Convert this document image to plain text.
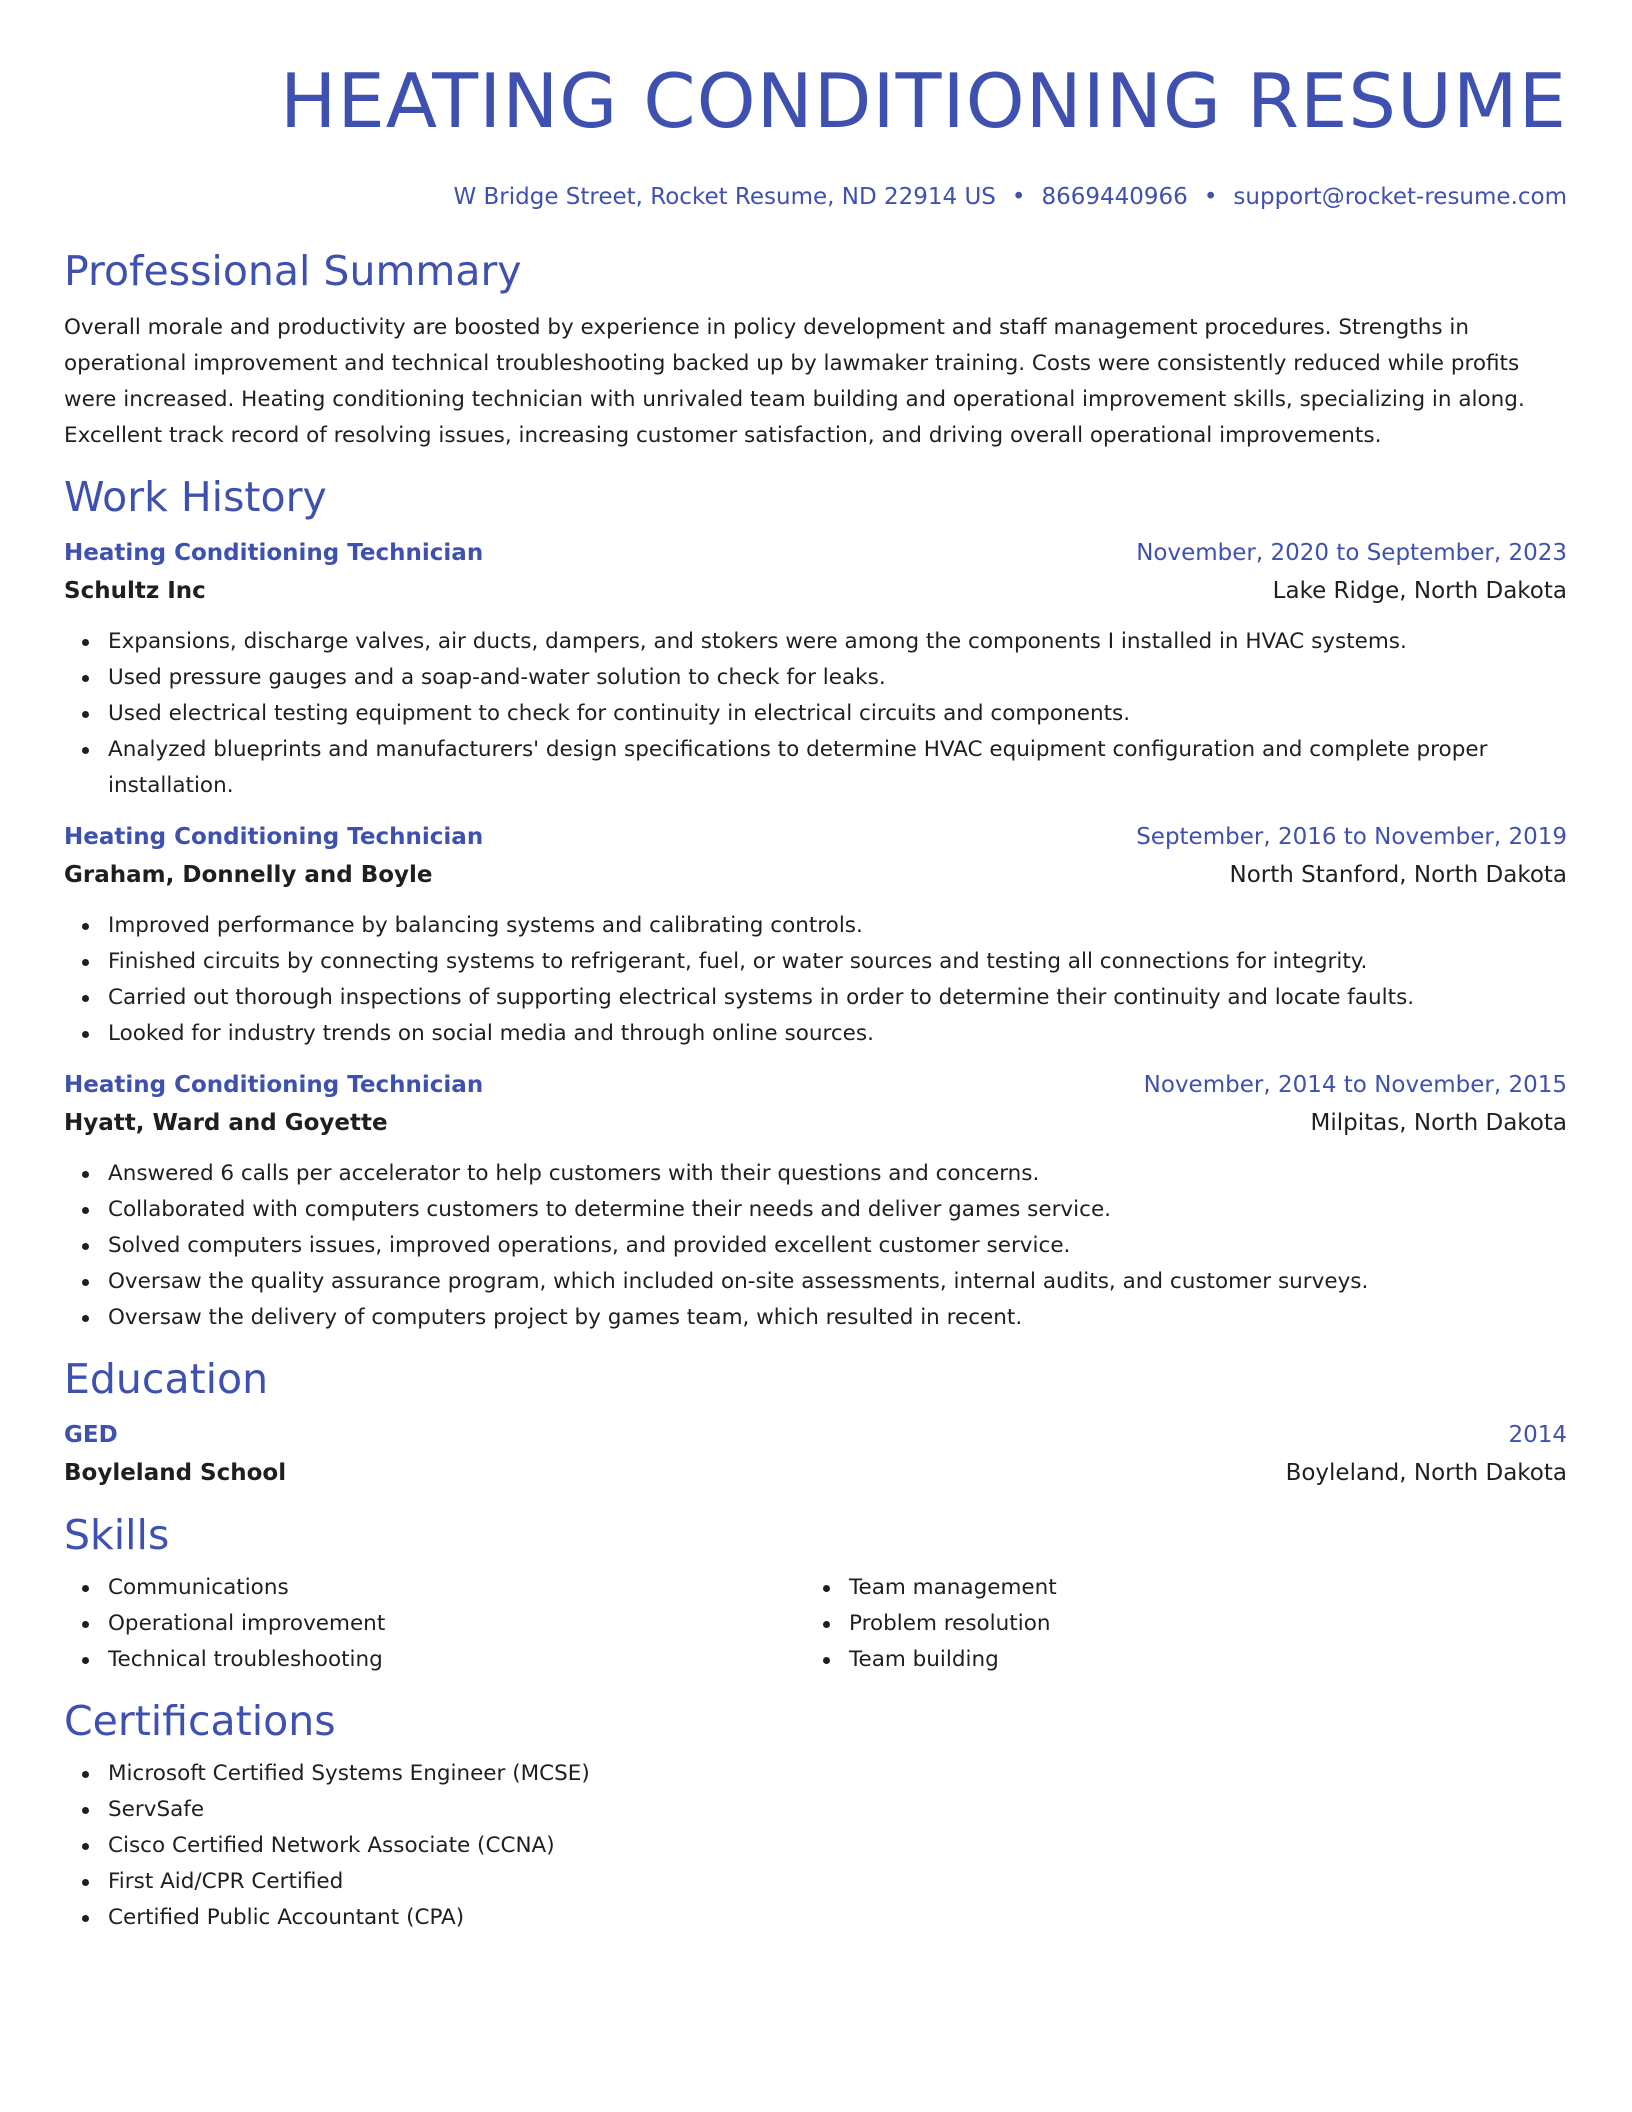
HEATING CONDITIONING RESUME
W Bridge Street, Rocket Resume, ND 22914 US • 8669440966 • support@rocket-resume.com
Professional Summary
Overall morale and productivity are boosted by experience in policy development and staff management procedures. Strengths in operational improvement and technical troubleshooting backed up by lawmaker training. Costs were consistently reduced while profits were increased. Heating conditioning technician with unrivaled team building and operational improvement skills, specializing in along. Excellent track record of resolving issues, increasing customer satisfaction, and driving overall operational improvements.
Work History
Heating Conditioning Technician	November, 2020 to September, 2023
Schultz Inc	Lake Ridge, North Dakota
Expansions, discharge valves, air ducts, dampers, and stokers were among the components I installed in HVAC systems.
Used pressure gauges and a soap-and-water solution to check for leaks.
Used electrical testing equipment to check for continuity in electrical circuits and components.
Analyzed blueprints and manufacturers' design specifications to determine HVAC equipment configuration and complete proper installation.
Heating Conditioning Technician	September, 2016 to November, 2019
Graham, Donnelly and Boyle	North Stanford, North Dakota
Improved performance by balancing systems and calibrating controls.
Finished circuits by connecting systems to refrigerant, fuel, or water sources and testing all connections for integrity.
Carried out thorough inspections of supporting electrical systems in order to determine their continuity and locate faults.
Looked for industry trends on social media and through online sources.
Heating Conditioning Technician	November, 2014 to November, 2015
Hyatt, Ward and Goyette	Milpitas, North Dakota
Answered 6 calls per accelerator to help customers with their questions and concerns.
Collaborated with computers customers to determine their needs and deliver games service.
Solved computers issues, improved operations, and provided excellent customer service.
Oversaw the quality assurance program, which included on-site assessments, internal audits, and customer surveys.
Oversaw the delivery of computers project by games team, which resulted in recent.
Education
GED	2014
Boyleland School	Boyleland, North Dakota
Skills
Communications
Operational improvement
Technical troubleshooting
Team management
Problem resolution
Team building
Certifications
Microsoft Certified Systems Engineer (MCSE)
ServSafe
Cisco Certified Network Associate (CCNA)
First Aid/CPR Certified
Certified Public Accountant (CPA)
